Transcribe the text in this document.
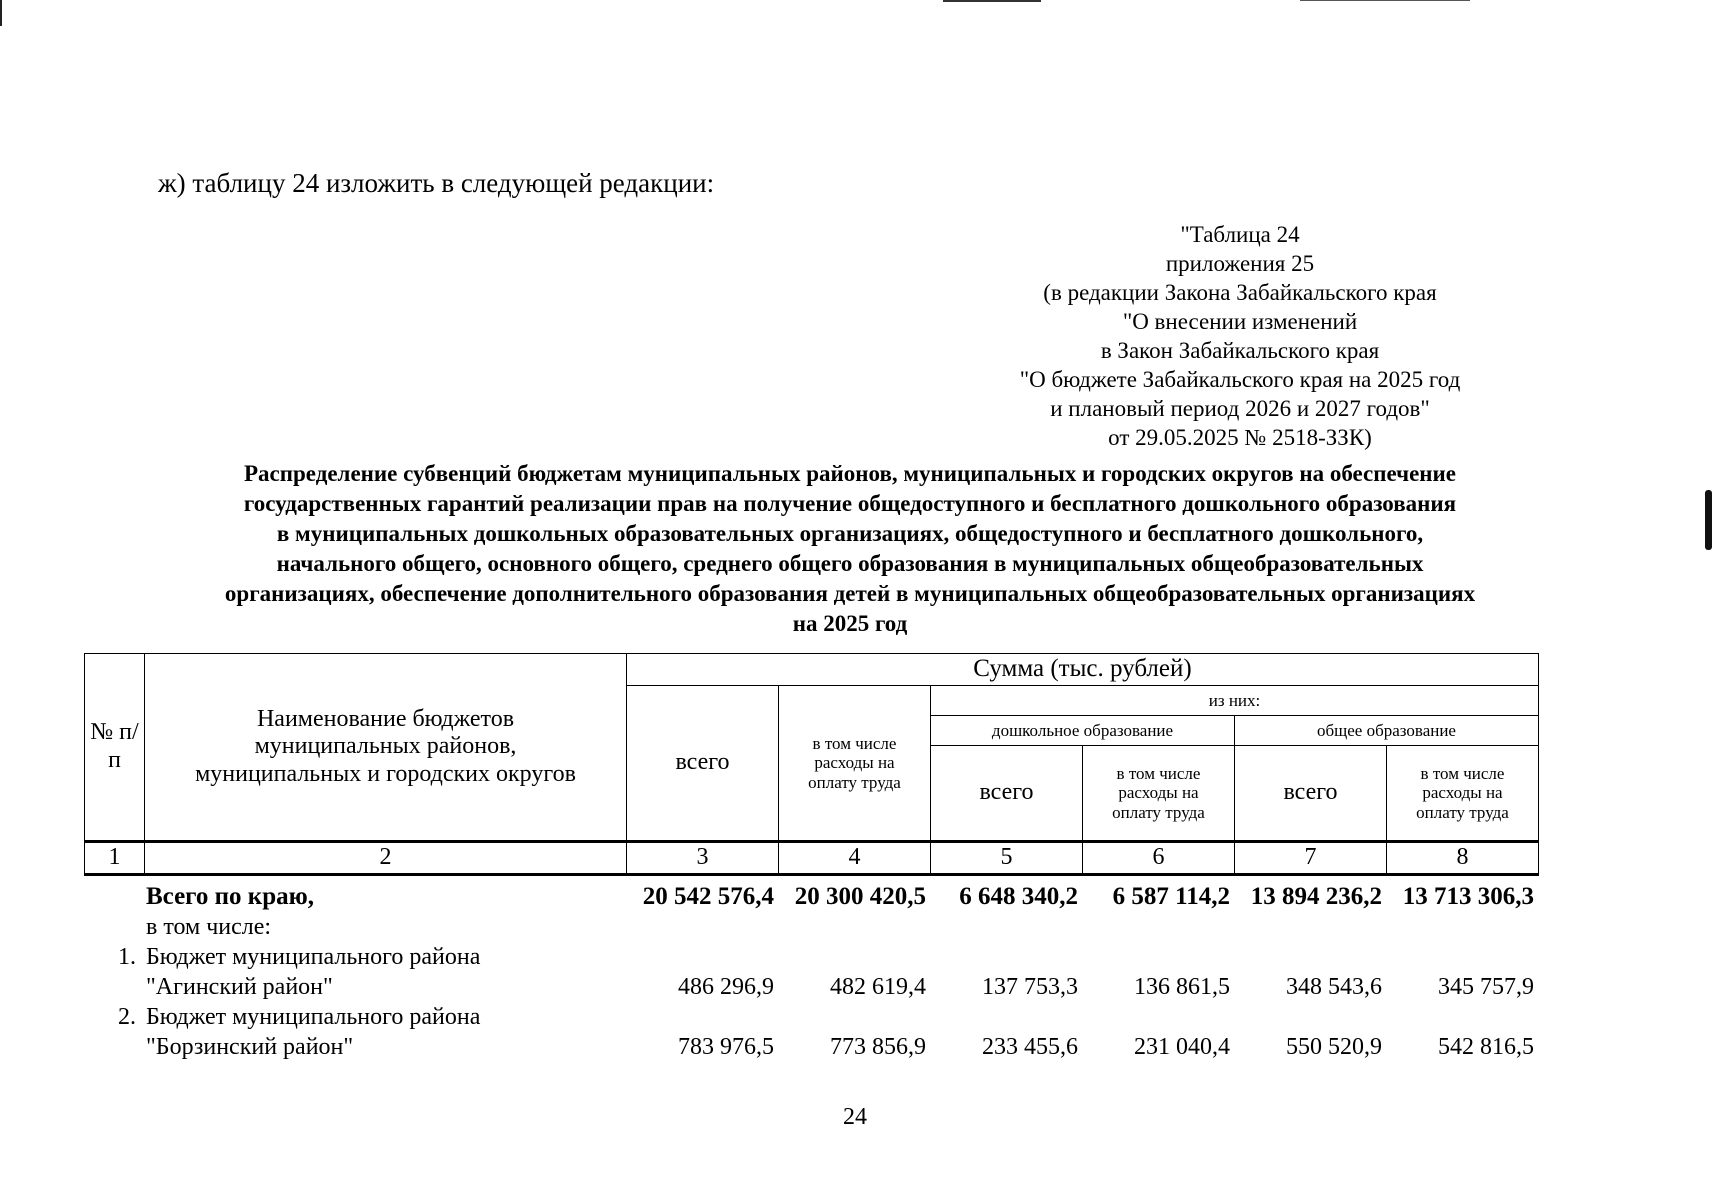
ж) таблицу 24 изложить в следующей редакции:
"Таблица 24
приложения 25
(в редакции Закона Забайкальского края
"О внесении изменений
в Закон Забайкальского края
"О бюджете Забайкальского края на 2025 год
и плановый период 2026 и 2027 годов"
от 29.05.2025 № 2518-ЗЗК)
Распределение субвенций бюджетам муниципальных районов, муниципальных и городских округов на обеспечение
государственных гарантий реализации прав на получение общедоступного и бесплатного дошкольного образования
в муниципальных дошкольных образовательных организациях, общедоступного и бесплатного дошкольного,
начального общего, основного общего, среднего общего образования в муниципальных общеобразовательных
организациях, обеспечение дополнительного образования детей в муниципальных общеобразовательных организациях
на 2025 год
№ п/п	Наименование бюджетов муниципальных районов, муниципальных и городских округов	Сумма (тыс. рублей)					
		всего	в том числе расходы на оплату труда	из них:			
				дошкольное образование		общее образование	
				всего	в том числе расходы на оплату труда	всего	в том числе расходы на оплату труда
1	2	3	4	5	6	7	8
	Всего по краю,	20 542 576,4	20 300 420,5	6 648 340,2	6 587 114,2	13 894 236,2	13 713 306,3
	в том числе:						
1.	Бюджет муниципального района
"Агинский район"	486 296,9	482 619,4	137 753,3	136 861,5	348 543,6	345 757,9
2.	Бюджет муниципального района
"Борзинский район"	783 976,5	773 856,9	233 455,6	231 040,4	550 520,9	542 816,5
24
